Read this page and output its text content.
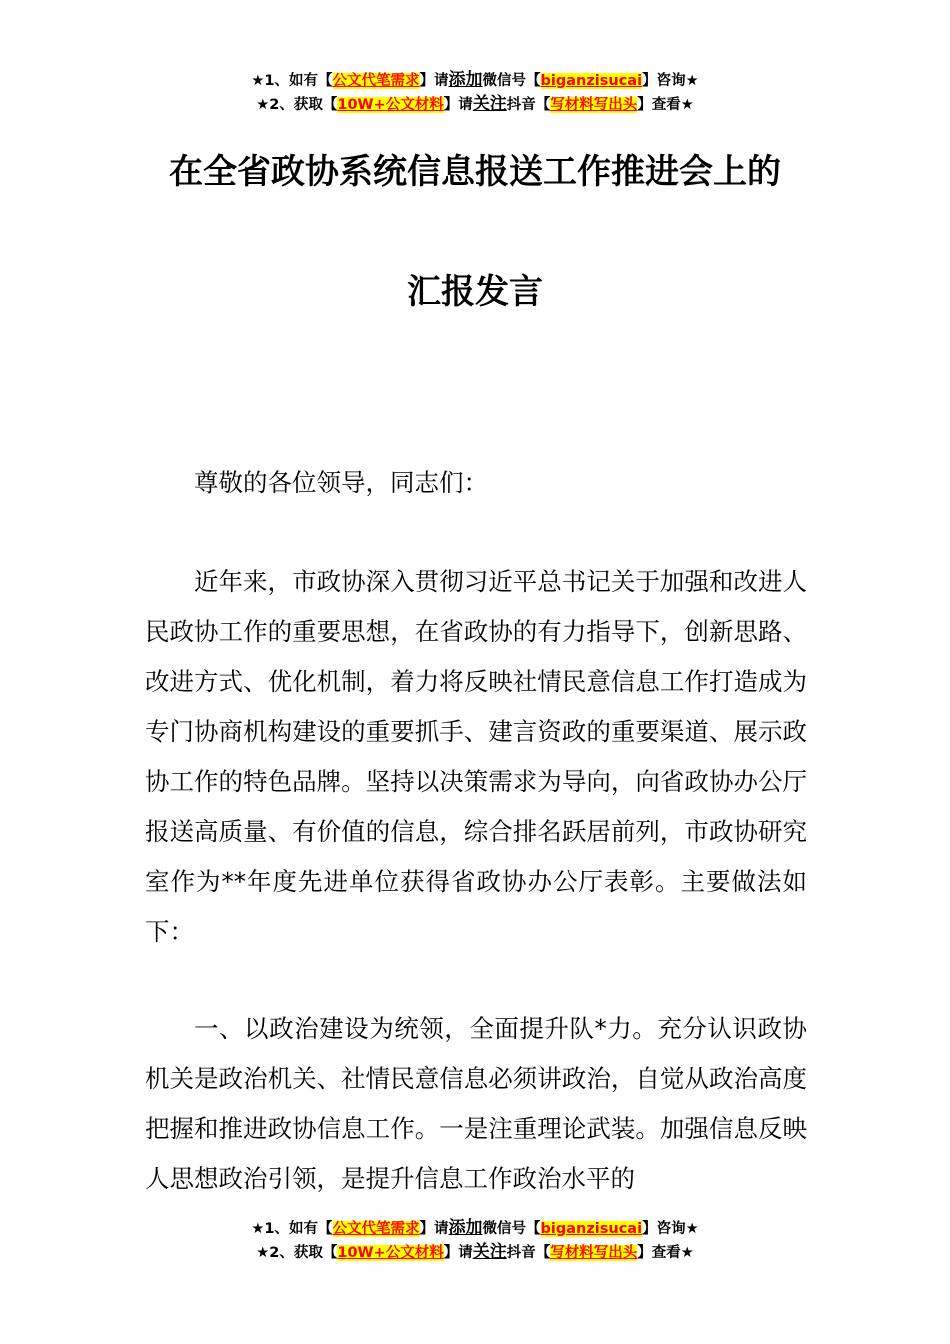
★1、如有【公文代笔需求】请添加微信号【biganzisucai】咨询★
★2、获取【10W+公文材料】请关注抖音【写材料写出头】查看★
在全省政协系统信息报送工作推进会上的
汇报发言

尊敬的各位领导，同志们：

近年来，市政协深入贯彻习近平总书记关于加强和改进人民政协工作的重要思想，在省政协的有力指导下，创新思路、改进方式、优化机制，着力将反映社情民意信息工作打造成为专门协商机构建设的重要抓手、建言资政的重要渠道、展示政协工作的特色品牌。坚持以决策需求为导向，向省政协办公厅报送高质量、有价值的信息，综合排名跃居前列，市政协研究室作为**年度先进单位获得省政协办公厅表彰。主要做法如下：

一、以政治建设为统领，全面提升队*力。充分认识政协机关是政治机关、社情民意信息必须讲政治，自觉从政治高度把握和推进政协信息工作。一是注重理论武装。加强信息反映人思想政治引领，是提升信息工作政治水平的

★1、如有【公文代笔需求】请添加微信号【biganzisucai】咨询★
★2、获取【10W+公文材料】请关注抖音【写材料写出头】查看★
